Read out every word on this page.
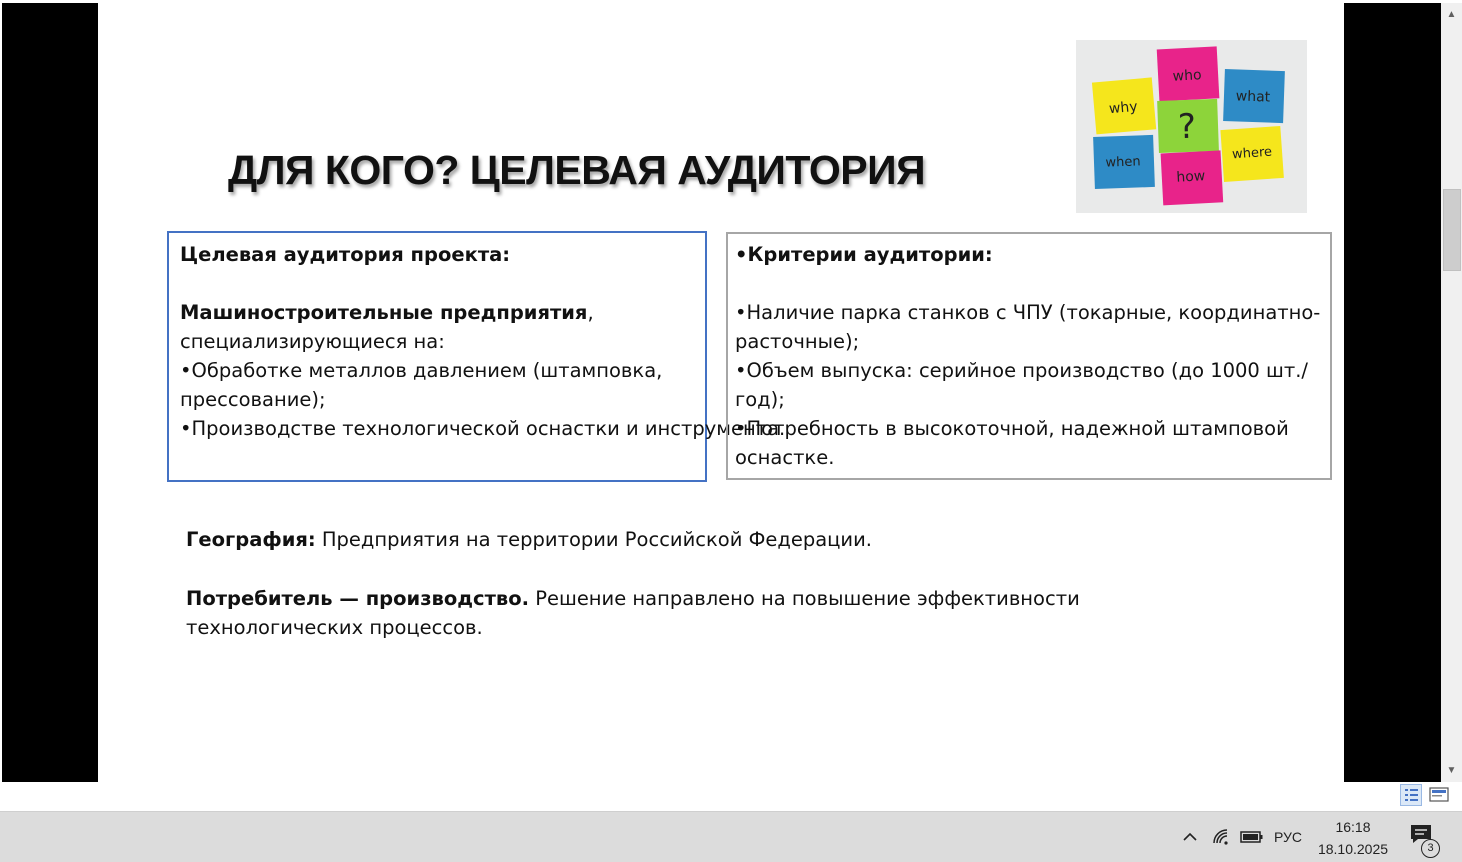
ДЛЯ КОГО? ЦЕЛЕВАЯ АУДИТОРИЯ
who
why
what
?
when
where
how

Целевая аудитория проекта:

Машиностроительные предприятия,

специализирующиеся на:

•Обработке металлов давлением (штамповка, прессование);

•Производстве технологической оснастки и инструмента.

•Критерии аудитории:

•Наличие парка станков с ЧПУ (токарные, координатно-расточные);

•Объем выпуска: серийное производство (до 1000 шт./год);

•Потребность в высокоточной, надежной штамповой оснастке.

География: Предприятия на территории Российской Федерации.

Потребитель — производство. Решение направлено на повышение эффективности технологических процессов.

▲
▼
РУС
16:18
18.10.2025	3
